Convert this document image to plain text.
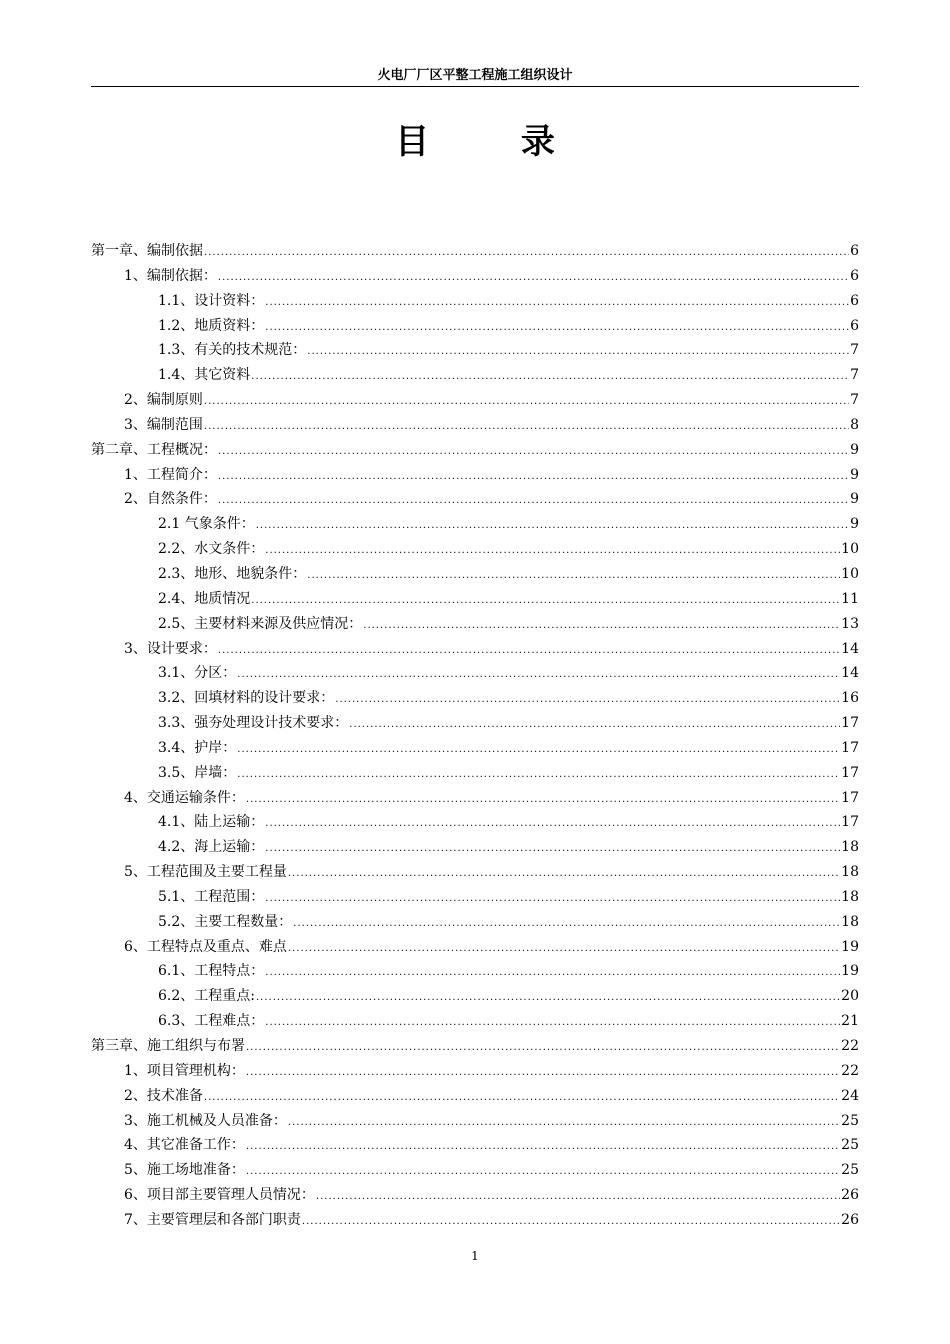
火电厂厂区平整工程施工组织设计
目 录
第一章、编制依据 .....	6
1、编制依据： .....	6
1.1、设计资料： .....	6
1.2、地质资料： .....	6
1.3、有关的技术规范： .....	7
1.4、其它资料 .....	7
2、编制原则 .....	7
3、编制范围 .....	8
第二章、工程概况： .....	9
1、工程简介： .....	9
2、自然条件： .....	9
2.1 气象条件： .....	9
2.2、水文条件： .....	10
2.3、地形、地貌条件： .....	10
2.4、地质情况 .....	11
2.5、主要材料来源及供应情况： .....	13
3、设计要求： .....	14
3.1、分区： .....	14
3.2、回填材料的设计要求： .....	16
3.3、强夯处理设计技术要求： .....	17
3.4、护岸： .....	17
3.5、岸墙： .....	17
4、交通运输条件： .....	17
4.1、陆上运输： .....	17
4.2、海上运输： .....	18
5、工程范围及主要工程量 .....	18
5.1、工程范围： .....	18
5.2、主要工程数量： .....	18
6、工程特点及重点、难点 .....	19
6.1、工程特点： .....	19
6.2、工程重点: .....	20
6.3、工程难点： .....	21
第三章、施工组织与布署 .....	22
1、项目管理机构： .....	22
2、技术准备 .....	24
3、施工机械及人员准备： .....	25
4、其它准备工作： .....	25
5、施工场地准备： .....	25
6、项目部主要管理人员情况： .....	26
7、主要管理层和各部门职责 .....	26
1
